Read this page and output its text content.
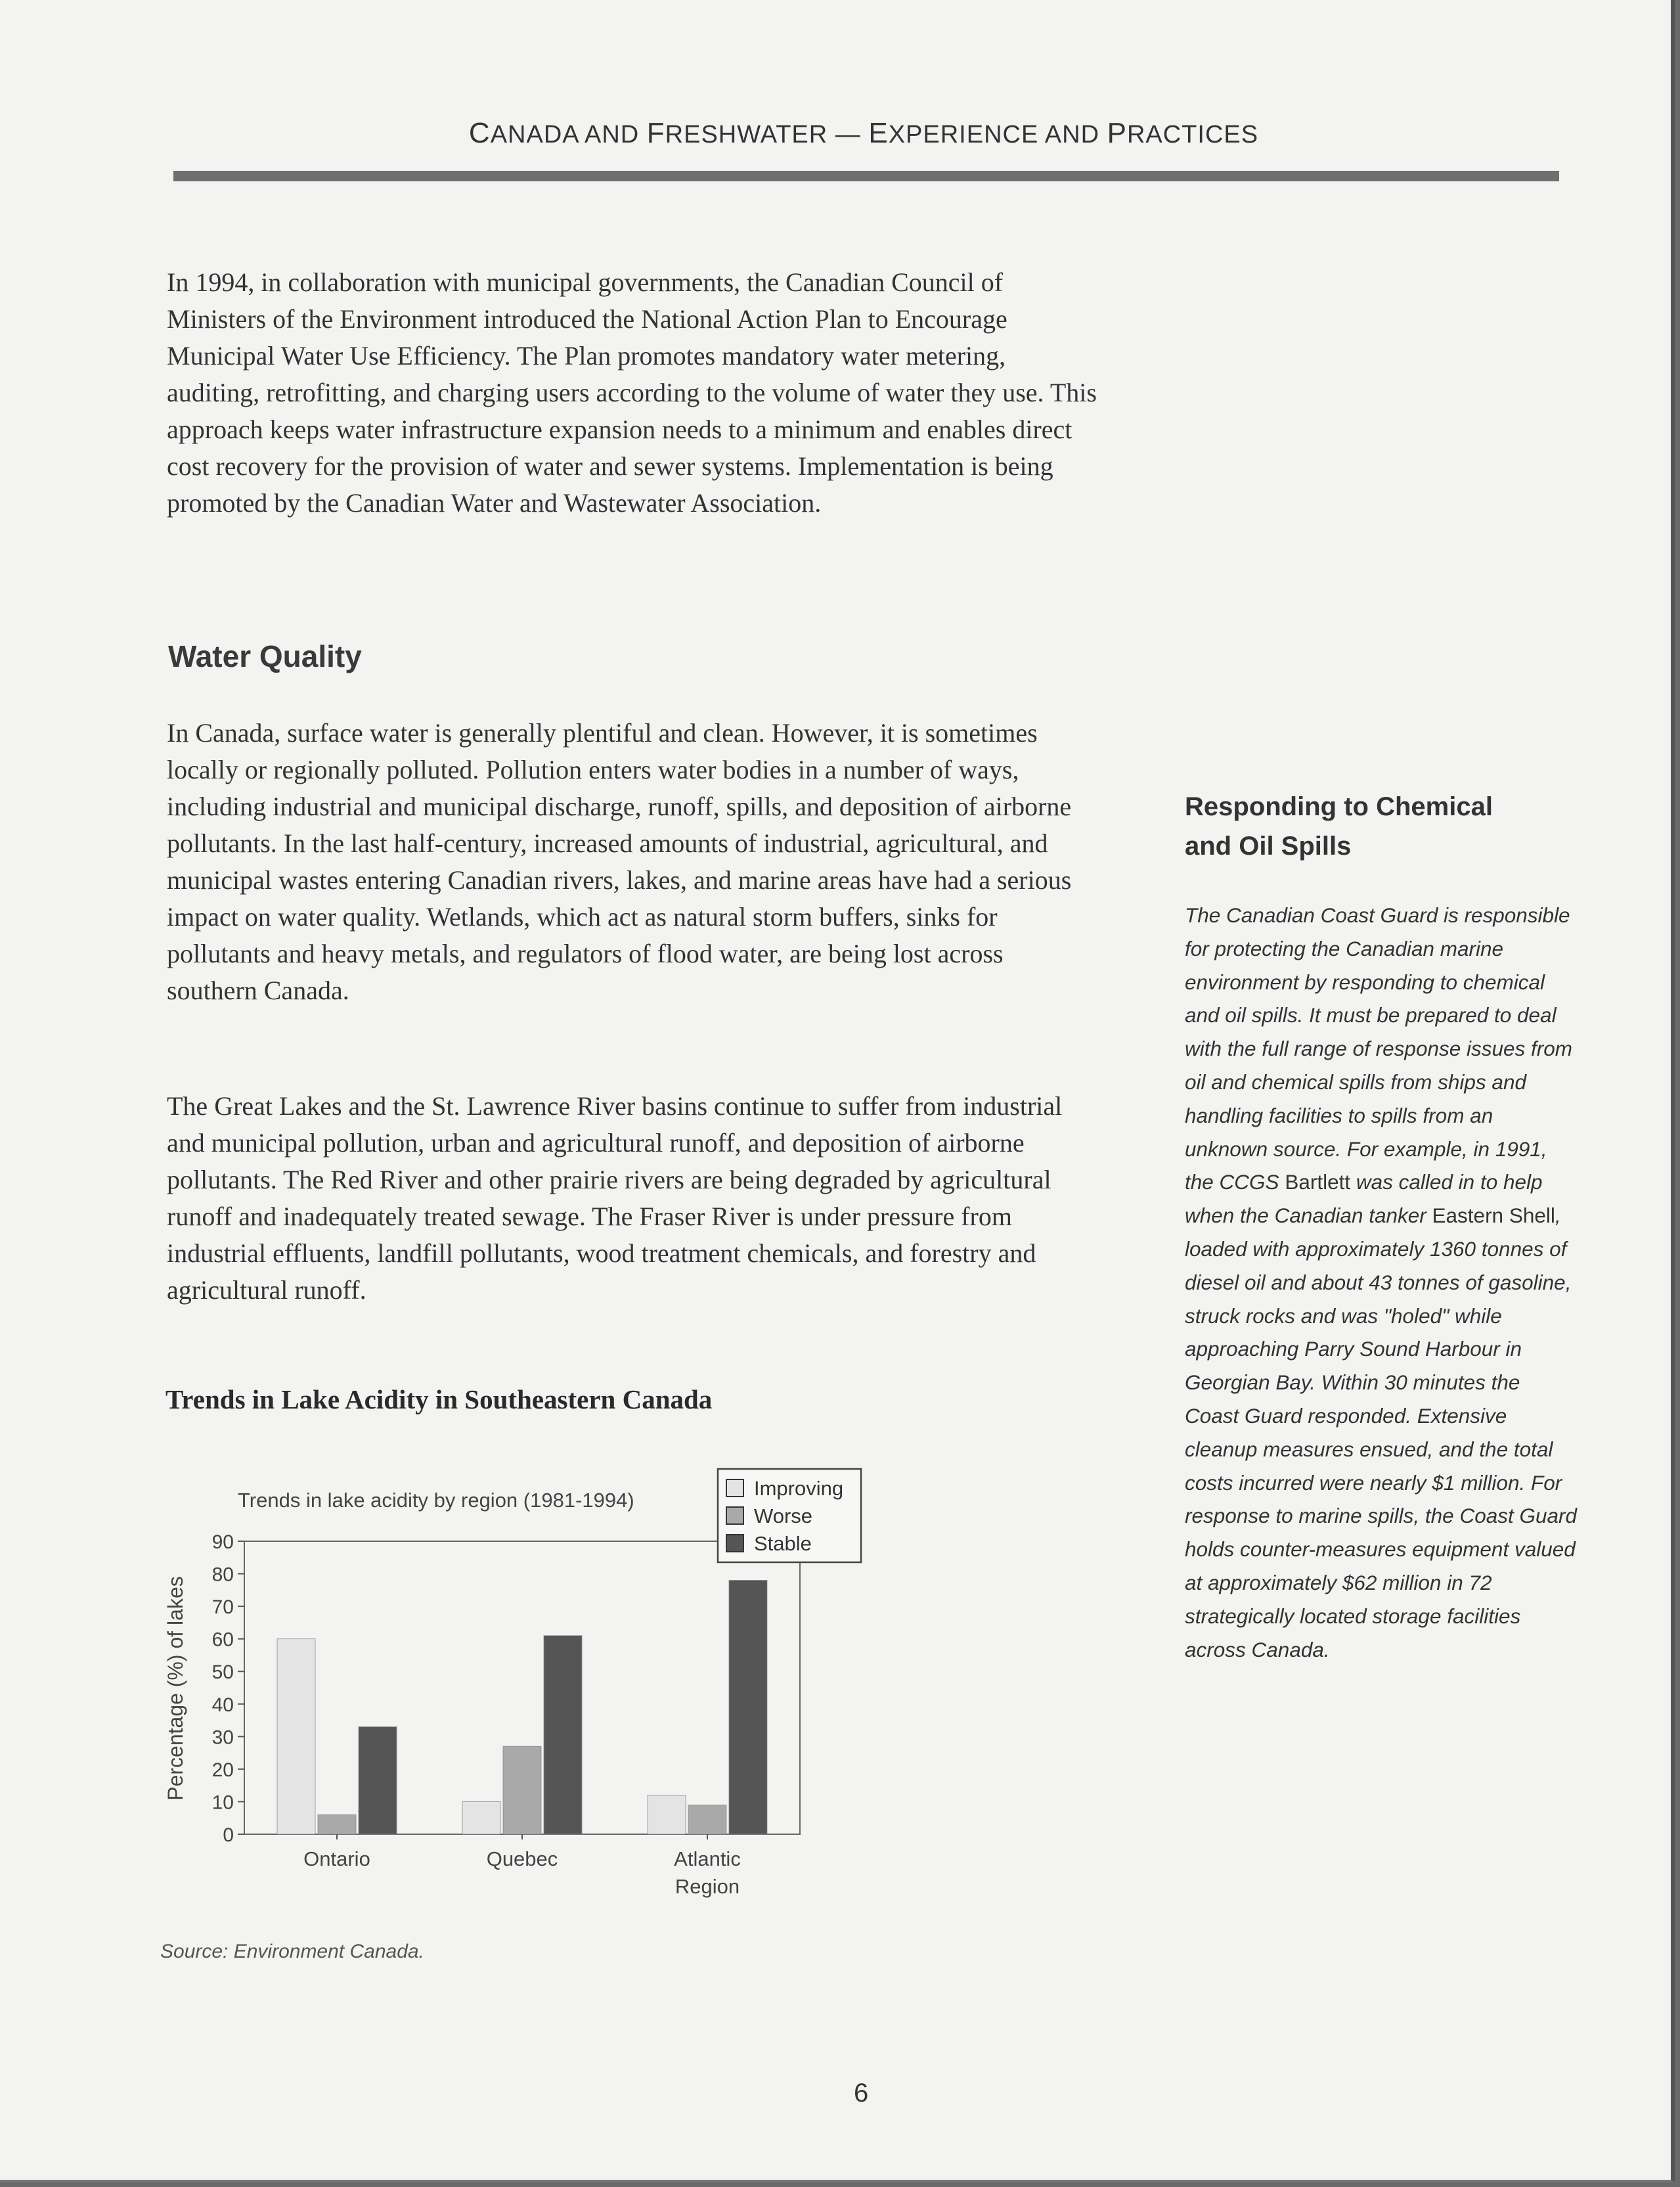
CANADA AND FRESHWATER — EXPERIENCE AND PRACTICES

In 1994, in collaboration with municipal governments, the Canadian Council of Ministers of the Environment introduced the National Action Plan to Encourage Municipal Water Use Efficiency. The Plan promotes mandatory water metering, auditing, retrofitting, and charging users according to the volume of water they use. This approach keeps water infrastructure expansion needs to a minimum and enables direct cost recovery for the provision of water and sewer systems. Implementation is being promoted by the Canadian Water and Wastewater Association.

Water Quality

In Canada, surface water is generally plentiful and clean. However, it is sometimes locally or regionally polluted. Pollution enters water bodies in a number of ways, including industrial and municipal discharge, runoff, spills, and deposition of airborne pollutants. In the last half-century, increased amounts of industrial, agricultural, and municipal wastes entering Canadian rivers, lakes, and marine areas have had a serious impact on water quality. Wetlands, which act as natural storm buffers, sinks for pollutants and heavy metals, and regulators of flood water, are being lost across southern Canada.

The Great Lakes and the St. Lawrence River basins continue to suffer from industrial and municipal pollution, urban and agricultural runoff, and deposition of airborne pollutants. The Red River and other prairie rivers are being degraded by agricultural runoff and inadequately treated sewage. The Fraser River is under pressure from industrial effluents, landfill pollutants, wood treatment chemicals, and forestry and agricultural runoff.

Trends in Lake Acidity in Southeastern Canada
Trends in lake acidity by region (1981-1994)
Percentage (%) of lakes
0
10
20
30
40
50
60
70
80
90
Ontario	Quebec	Atlantic
Region
Improving
Worse
Stable
Source: Environment Canada.
Responding to Chemical
and Oil Spills

The Canadian Coast Guard is responsible for protecting the Canadian marine environment by responding to chemical and oil spills. It must be prepared to deal with the full range of response issues from oil and chemical spills from ships and handling facilities to spills from an unknown source. For example, in 1991, the CCGS Bartlett was called in to help when the Canadian tanker Eastern Shell, loaded with approximately 1360 tonnes of diesel oil and about 43 tonnes of gasoline, struck rocks and was "holed" while approaching Parry Sound Harbour in Georgian Bay. Within 30 minutes the Coast Guard responded. Extensive cleanup measures ensued, and the total costs incurred were nearly $1 million. For response to marine spills, the Coast Guard holds counter-measures equipment valued at approximately $62 million in 72 strategically located storage facilities across Canada.

6
